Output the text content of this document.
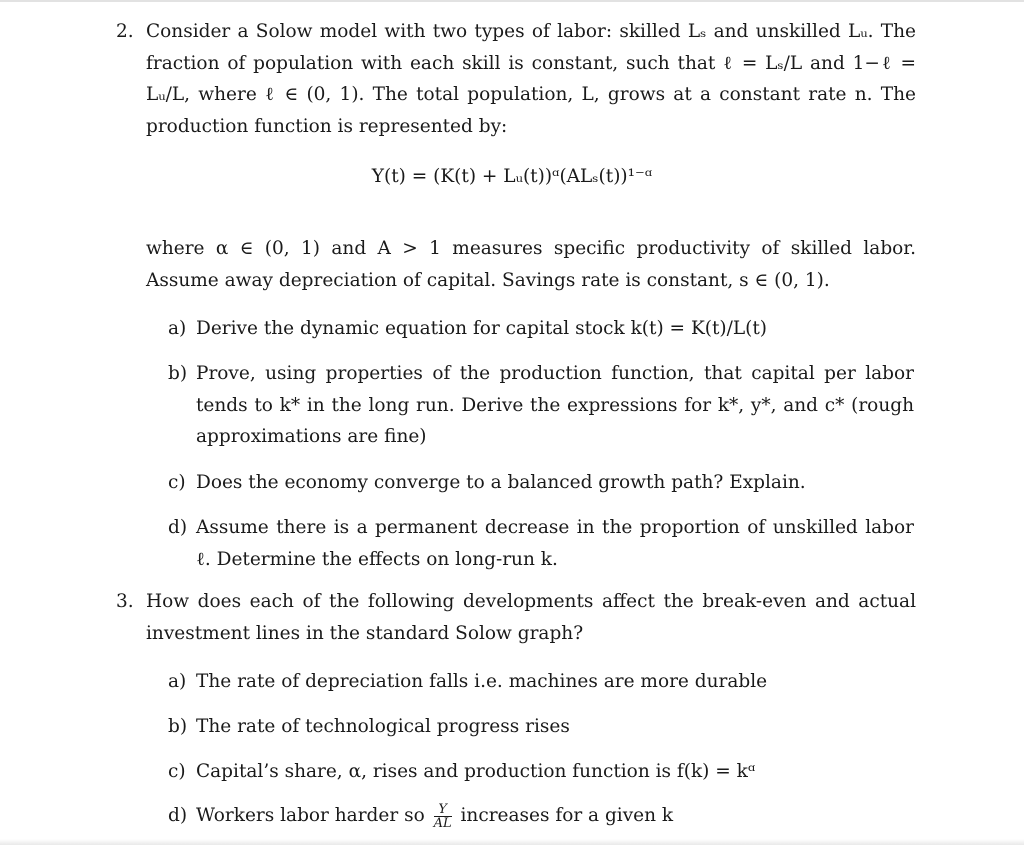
2. Consider a Solow model with two types of labor: skilled Lₛ and unskilled Lᵤ. The fraction of population with each skill is constant, such that ℓ = Lₛ/L and 1−ℓ = Lᵤ/L, where ℓ ∈ (0, 1). The total population, L, grows at a constant rate n. The production function is represented by:
Y(t) = (K(t) + Lᵤ(t))ᵅ(ALₛ(t))¹⁻ᵅ
where α ∈ (0, 1) and A > 1 measures specific productivity of skilled labor. Assume away depreciation of capital. Savings rate is constant, s ∈ (0, 1).
a) Derive the dynamic equation for capital stock k(t) = K(t)/L(t)
b) Prove, using properties of the production function, that capital per labor tends to k* in the long run. Derive the expressions for k*, y*, and c* (rough approximations are fine)
c) Does the economy converge to a balanced growth path? Explain.
d) Assume there is a permanent decrease in the proportion of unskilled labor ℓ. Determine the effects on long-run k.
3. How does each of the following developments affect the break-even and actual investment lines in the standard Solow graph?
a) The rate of depreciation falls i.e. machines are more durable
b) The rate of technological progress rises
c) Capital’s share, α, rises and production function is f(k) = kᵅ
d) Workers labor harder so $\frac{Y}{AL}$ increases for a given k
